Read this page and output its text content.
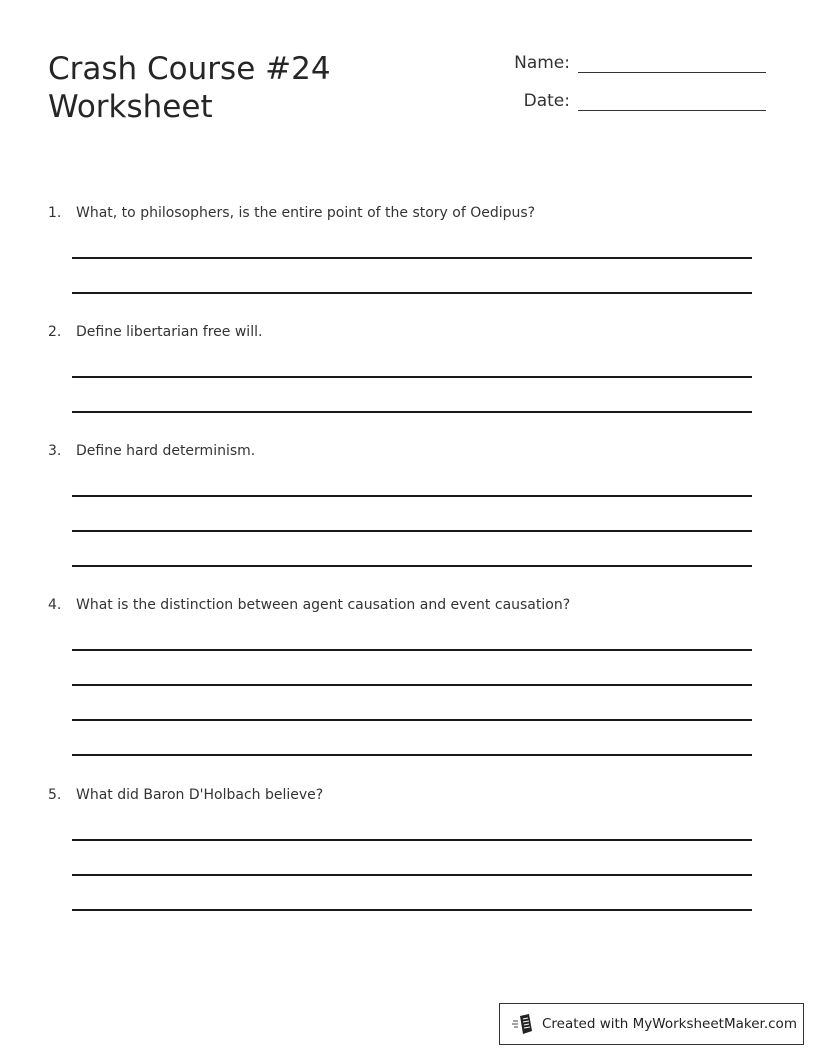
Crash Course #24
Worksheet
Name:
Date:
1.	What, to philosophers, is the entire point of the story of Oedipus?
2.	Define libertarian free will.
3.	Define hard determinism.
4.	What is the distinction between agent causation and event causation?
5.	What did Baron D'Holbach believe?
Created with MyWorksheetMaker.com
